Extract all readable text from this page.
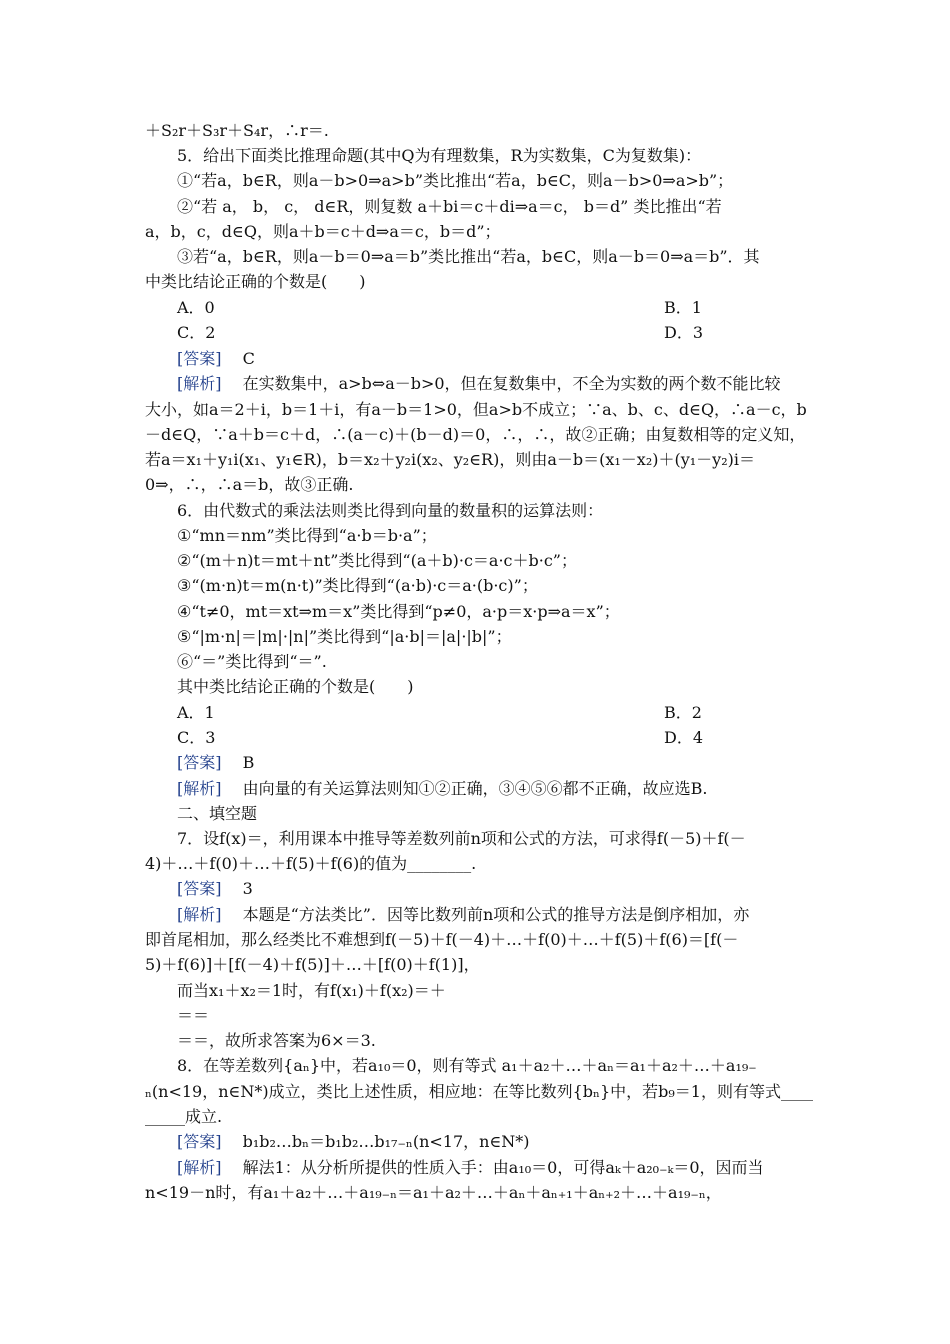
＋S₂r＋S₃r＋S₄r，∴r＝.
5．给出下面类比推理命题(其中Q为有理数集，R为实数集，C为复数集)：
①“若a，b∈R，则a－b>0⇒a>b”类比推出“若a，b∈C，则a－b>0⇒a>b”；
②“若 a， b， c， d∈R，则复数 a＋bi＝c＋di⇒a＝c， b＝d” 类比推出“若
a，b，c，d∈Q，则a＋b＝c＋d⇒a＝c，b＝d”；
③若“a，b∈R，则a－b＝0⇒a＝b”类比推出“若a，b∈C，则a－b＝0⇒a＝b”．其
中类比结论正确的个数是(　　)
A．0	B．1
C．2	D．3
[答案]　 C
[解析]　 在实数集中，a>b⇔a－b>0，但在复数集中，不全为实数的两个数不能比较
大小，如a＝2＋i，b＝1＋i，有a－b＝1>0，但a>b不成立；∵a、b、c、d∈Q，∴a－c，b
－d∈Q，∵a＋b＝c＋d，∴(a－c)＋(b－d)＝0，∴，∴，故②正确；由复数相等的定义知，
若a＝x₁＋y₁i(x₁、y₁∈R)，b＝x₂＋y₂i(x₂、y₂∈R)，则由a－b＝(x₁－x₂)＋(y₁－y₂)i＝
0⇒，∴，∴a＝b，故③正确.
6．由代数式的乘法法则类比得到向量的数量积的运算法则：
①“mn＝nm”类比得到“a·b＝b·a”；
②“(m＋n)t＝mt＋nt”类比得到“(a＋b)·c＝a·c＋b·c”；
③“(m·n)t＝m(n·t)”类比得到“(a·b)·c＝a·(b·c)”；
④“t≠0，mt＝xt⇒m＝x”类比得到“p≠0，a·p＝x·p⇒a＝x”；
⑤“|m·n|＝|m|·|n|”类比得到“|a·b|＝|a|·|b|”；
⑥“＝”类比得到“＝”.
其中类比结论正确的个数是(　　)
A．1	B．2
C．3	D．4
[答案]　 B
[解析]　 由向量的有关运算法则知①②正确，③④⑤⑥都不正确，故应选B.
二、填空题
7．设f(x)＝，利用课本中推导等差数列前n项和公式的方法，可求得f(－5)＋f(－
4)＋…＋f(0)＋…＋f(5)＋f(6)的值为________.
[答案]　 3
[解析]　 本题是“方法类比”．因等比数列前n项和公式的推导方法是倒序相加，亦
即首尾相加，那么经类比不难想到f(－5)＋f(－4)＋…＋f(0)＋…＋f(5)＋f(6)＝[f(－
5)＋f(6)]＋[f(－4)＋f(5)]＋…＋[f(0)＋f(1)]，
而当x₁＋x₂＝1时，有f(x₁)＋f(x₂)＝＋
＝＝
＝＝，故所求答案为6×＝3.
8．在等差数列{aₙ}中，若a₁₀＝0，则有等式 a₁＋a₂＋…＋aₙ＝a₁＋a₂＋…＋a₁₉₋
ₙ(n<19，n∈N*)成立，类比上述性质，相应地：在等比数列{bₙ}中，若b₉＝1，则有等式____
_____成立.
[答案]　 b₁b₂…bₙ＝b₁b₂…b₁₇₋ₙ(n<17，n∈N*)
[解析]　 解法1：从分析所提供的性质入手：由a₁₀＝0，可得aₖ＋a₂₀₋ₖ＝0，因而当
n<19－n时，有a₁＋a₂＋…＋a₁₉₋ₙ＝a₁＋a₂＋…＋aₙ＋aₙ₊₁＋aₙ₊₂＋…＋a₁₉₋ₙ，
